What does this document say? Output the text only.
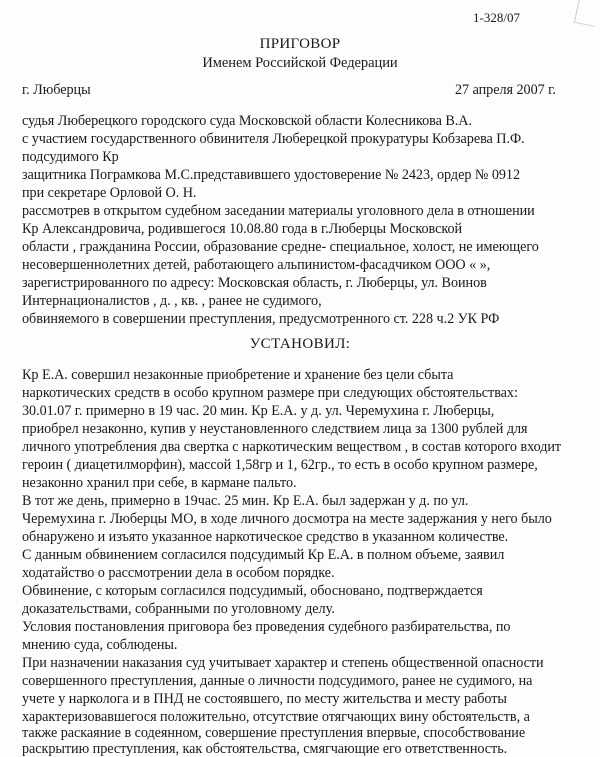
1-328/07
ПРИГОВОР
Именем Российской Федерации
г. Люберцы	27 апреля 2007 г.
судья Люберецкого городского суда Московской области Колесникова В.А.
с участием государственного обвинителя Люберецкой прокуратуры Кобзарева П.Ф.
подсудимого Кр
защитника Пограмкова М.С.представившего удостоверение № 2423, ордер № 0912
при секретаре Орловой О. Н.
рассмотрев в открытом судебном заседании материалы уголовного дела в отношении
Кр Александровича, родившегося 10.08.80 года в г.Люберцы Московской
области , гражданина России, образование средне- специальное, холост, не имеющего
несовершеннолетних детей, работающего альпинистом-фасадчиком ООО « »,
зарегистрированного по адресу: Московская область, г. Люберцы, ул. Воинов
Интернационалистов , д. , кв. , ранее не судимого,
обвиняемого в совершении преступления, предусмотренного ст. 228 ч.2 УК РФ
УСТАНОВИЛ:
Кр Е.А. совершил незаконные приобретение и хранение без цели сбыта
наркотических средств в особо крупном размере при следующих обстоятельствах:
30.01.07 г. примерно в 19 час. 20 мин. Кр Е.А. у д. ул. Черемухина г. Люберцы,
приобрел незаконно, купив у неустановленного следствием лица за 1300 рублей для
личного употребления два свертка с наркотическим веществом , в состав которого входит
героин ( диацетилморфин), массой 1,58гр и 1, 62гр., то есть в особо крупном размере,
незаконно хранил при себе, в кармане пальто.
В тот же день, примерно в 19час. 25 мин. Кр Е.А. был задержан у д. по ул.
Черемухина г. Люберцы МО, в ходе личного досмотра на месте задержания у него было
обнаружено и изъято указанное наркотическое средство в указанном количестве.
С данным обвинением согласился подсудимый Кр Е.А. в полном объеме, заявил
ходатайство о рассмотрении дела в особом порядке.
Обвинение, с которым согласился подсудимый, обосновано, подтверждается
доказательствами, собранными по уголовному делу.
Условия постановления приговора без проведения судебного разбирательства, по
мнению суда, соблюдены.
При назначении наказания суд учитывает характер и степень общественной опасности
совершенного преступления, данные о личности подсудимого, ранее не судимого, на
учете у нарколога и в ПНД не состоявшего, по месту жительства и месту работы
характеризовавшегося положительно, отсутствие отягчающих вину обстоятельств, а
также раскаяние в содеянном, совершение преступления впервые, способствование
раскрытию преступления, как обстоятельства, смягчающие его ответственность.
